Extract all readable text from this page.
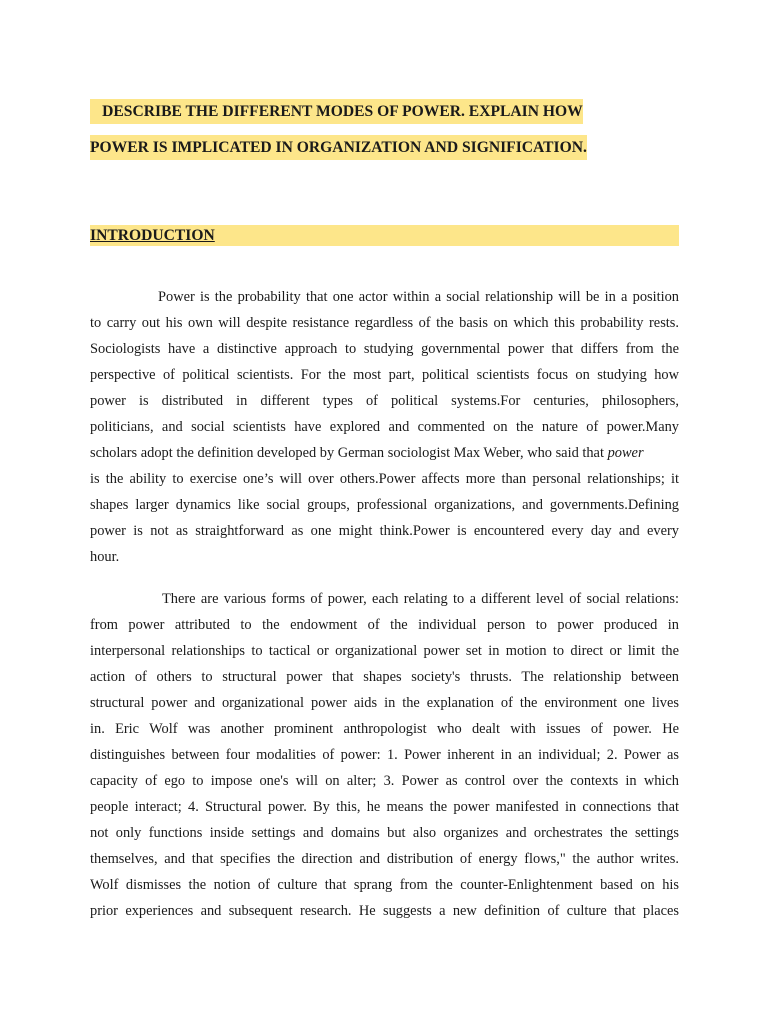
DESCRIBE THE DIFFERENT MODES OF POWER. EXPLAIN HOW
POWER IS IMPLICATED IN ORGANIZATION AND SIGNIFICATION.
INTRODUCTION
Power is the probability that one actor within a social relationship will be in a position
to carry out his own will despite resistance regardless of the basis on which this probability rests.
Sociologists have a distinctive approach to studying governmental power that differs from the
perspective of political scientists. For the most part, political scientists focus on studying how
power is distributed in different types of political systems.For centuries, philosophers,
politicians, and social scientists have explored and commented on the nature of power.Many
scholars adopt the definition developed by German sociologist Max Weber, who said that power
is the ability to exercise one’s will over others.Power affects more than personal relationships; it
shapes larger dynamics like social groups, professional organizations, and governments.Defining
power is not as straightforward as one might think.Power is encountered every day and every
hour.
There are various forms of power, each relating to a different level of social relations:
from power attributed to the endowment of the individual person to power produced in
interpersonal relationships to tactical or organizational power set in motion to direct or limit the
action of others to structural power that shapes society's thrusts. The relationship between
structural power and organizational power aids in the explanation of the environment one lives
in. Eric Wolf was another prominent anthropologist who dealt with issues of power. He
distinguishes between four modalities of power: 1. Power inherent in an individual; 2. Power as
capacity of ego to impose one's will on alter; 3. Power as control over the contexts in which
people interact; 4. Structural power. By this, he means the power manifested in connections that
not only functions inside settings and domains but also organizes and orchestrates the settings
themselves, and that specifies the direction and distribution of energy flows," the author writes.
Wolf dismisses the notion of culture that sprang from the counter-Enlightenment based on his
prior experiences and subsequent research. He suggests a new definition of culture that places
